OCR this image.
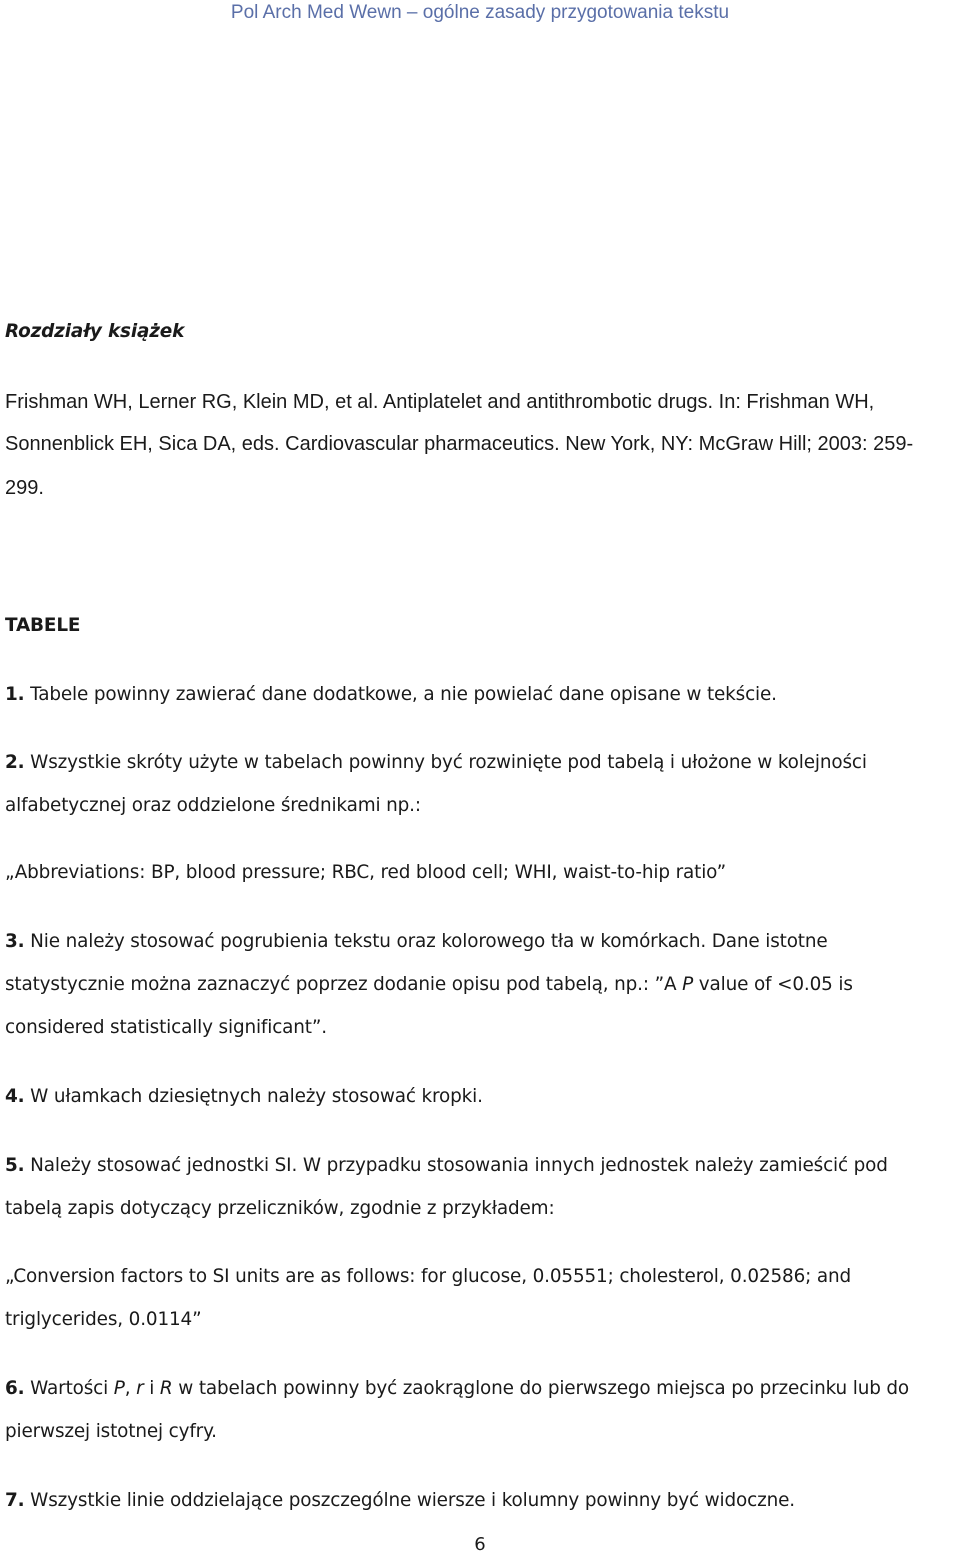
Pol Arch Med Wewn – ogólne zasady przygotowania tekstu
Rozdziały książek
Frishman WH, Lerner RG, Klein MD, et al. Antiplatelet and antithrombotic drugs. In: Frishman WH,
Sonnenblick EH, Sica DA, eds. Cardiovascular pharmaceutics. New York, NY: McGraw Hill; 2003: 259-
299.
TABELE
1. Tabele powinny zawierać dane dodatkowe, a nie powielać dane opisane w tekście.
2. Wszystkie skróty użyte w tabelach powinny być rozwinięte pod tabelą i ułożone w kolejności
alfabetycznej oraz oddzielone średnikami np.:
„Abbreviations: BP, blood pressure; RBC, red blood cell; WHI, waist-to-hip ratio”
3. Nie należy stosować pogrubienia tekstu oraz kolorowego tła w komórkach. Dane istotne
statystycznie można zaznaczyć poprzez dodanie opisu pod tabelą, np.: ”A P value of <0.05 is
considered statistically significant”.
4. W ułamkach dziesiętnych należy stosować kropki.
5. Należy stosować jednostki SI. W przypadku stosowania innych jednostek należy zamieścić pod
tabelą zapis dotyczący przeliczników, zgodnie z przykładem:
„Conversion factors to SI units are as follows: for glucose, 0.05551; cholesterol, 0.02586; and
triglycerides, 0.0114”
6. Wartości P, r i R w tabelach powinny być zaokrąglone do pierwszego miejsca po przecinku lub do
pierwszej istotnej cyfry.
7. Wszystkie linie oddzielające poszczególne wiersze i kolumny powinny być widoczne.
6
